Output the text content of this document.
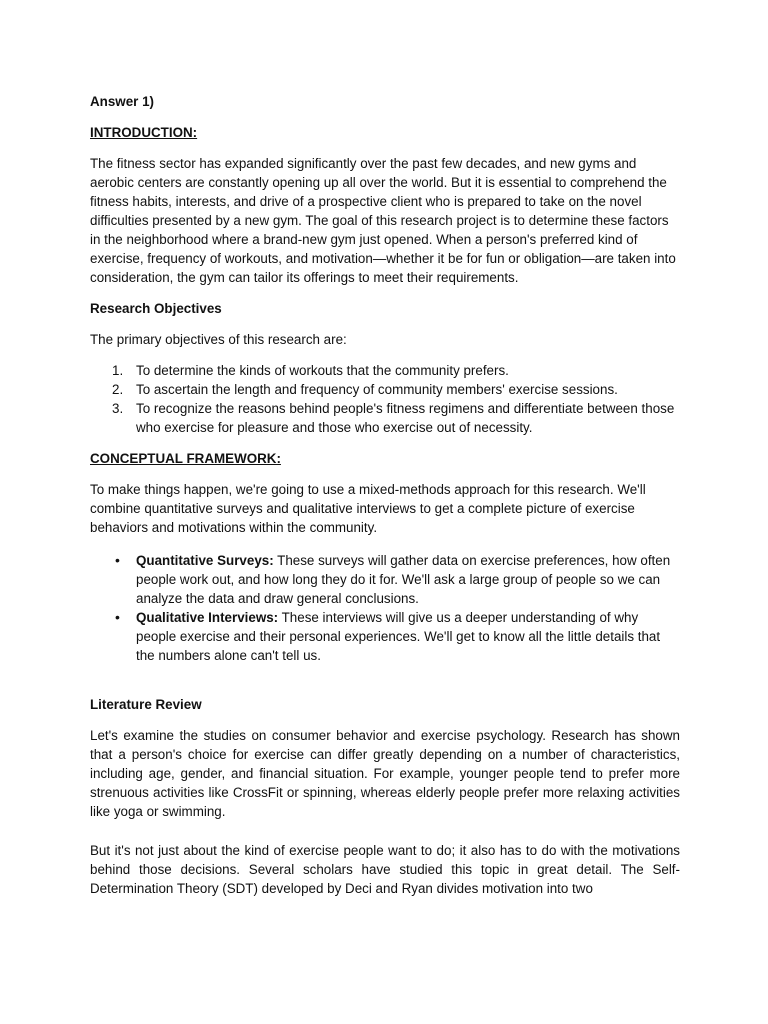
Answer 1)

INTRODUCTION:

The fitness sector has expanded significantly over the past few decades, and new gyms and aerobic centers are constantly opening up all over the world. But it is essential to comprehend the fitness habits, interests, and drive of a prospective client who is prepared to take on the novel difficulties presented by a new gym. The goal of this research project is to determine these factors in the neighborhood where a brand-new gym just opened. When a person's preferred kind of exercise, frequency of workouts, and motivation—whether it be for fun or obligation—are taken into consideration, the gym can tailor its offerings to meet their requirements.

Research Objectives

The primary objectives of this research are:

1. To determine the kinds of workouts that the community prefers.
2. To ascertain the length and frequency of community members' exercise sessions.
3. To recognize the reasons behind people's fitness regimens and differentiate between those who exercise for pleasure and those who exercise out of necessity.

CONCEPTUAL FRAMEWORK:

To make things happen, we're going to use a mixed-methods approach for this research. We'll combine quantitative surveys and qualitative interviews to get a complete picture of exercise behaviors and motivations within the community.

• Quantitative Surveys: These surveys will gather data on exercise preferences, how often people work out, and how long they do it for. We'll ask a large group of people so we can analyze the data and draw general conclusions.
• Qualitative Interviews: These interviews will give us a deeper understanding of why people exercise and their personal experiences. We'll get to know all the little details that the numbers alone can't tell us.

Literature Review

Let's examine the studies on consumer behavior and exercise psychology. Research has shown that a person's choice for exercise can differ greatly depending on a number of characteristics, including age, gender, and financial situation. For example, younger people tend to prefer more strenuous activities like CrossFit or spinning, whereas elderly people prefer more relaxing activities like yoga or swimming.

But it's not just about the kind of exercise people want to do; it also has to do with the motivations behind those decisions. Several scholars have studied this topic in great detail. The Self-Determination Theory (SDT) developed by Deci and Ryan divides motivation into two
